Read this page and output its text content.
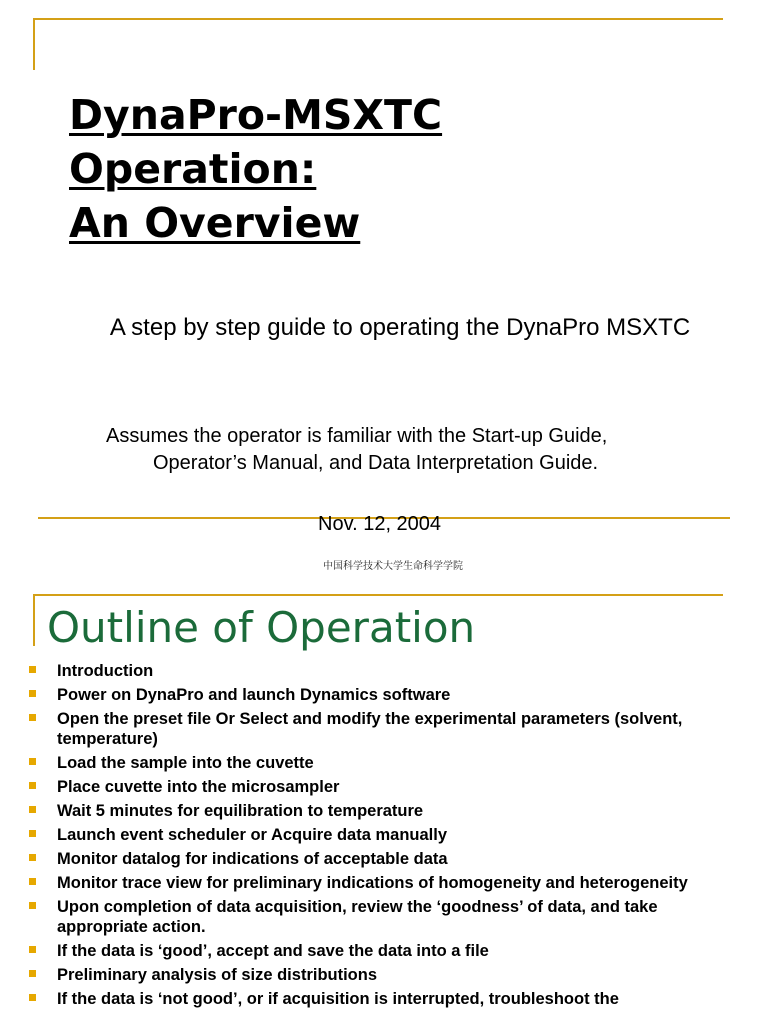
DynaPro-MSXTC
Operation:
An Overview
A step by step guide to operating the DynaPro MSXTC
Assumes the operator is familiar with the Start-up Guide,
Operator’s Manual, and Data Interpretation Guide.
Nov. 12, 2004
中国科学技术大学生命科学学院
Outline of Operation
Introduction
Power on DynaPro and launch Dynamics software
Open the preset file Or Select and modify the experimental parameters (solvent, temperature)
Load the sample into the cuvette
Place cuvette into the microsampler
Wait 5 minutes for equilibration to temperature
Launch event scheduler or Acquire data manually
Monitor datalog for indications of acceptable data
Monitor trace view for preliminary indications of homogeneity and heterogeneity
Upon completion of data acquisition, review the ‘goodness’ of data, and take appropriate action.
If the data is ‘good’, accept and save the data into a file
Preliminary analysis of size distributions
If the data is ‘not good’, or if acquisition is interrupted, troubleshoot the
